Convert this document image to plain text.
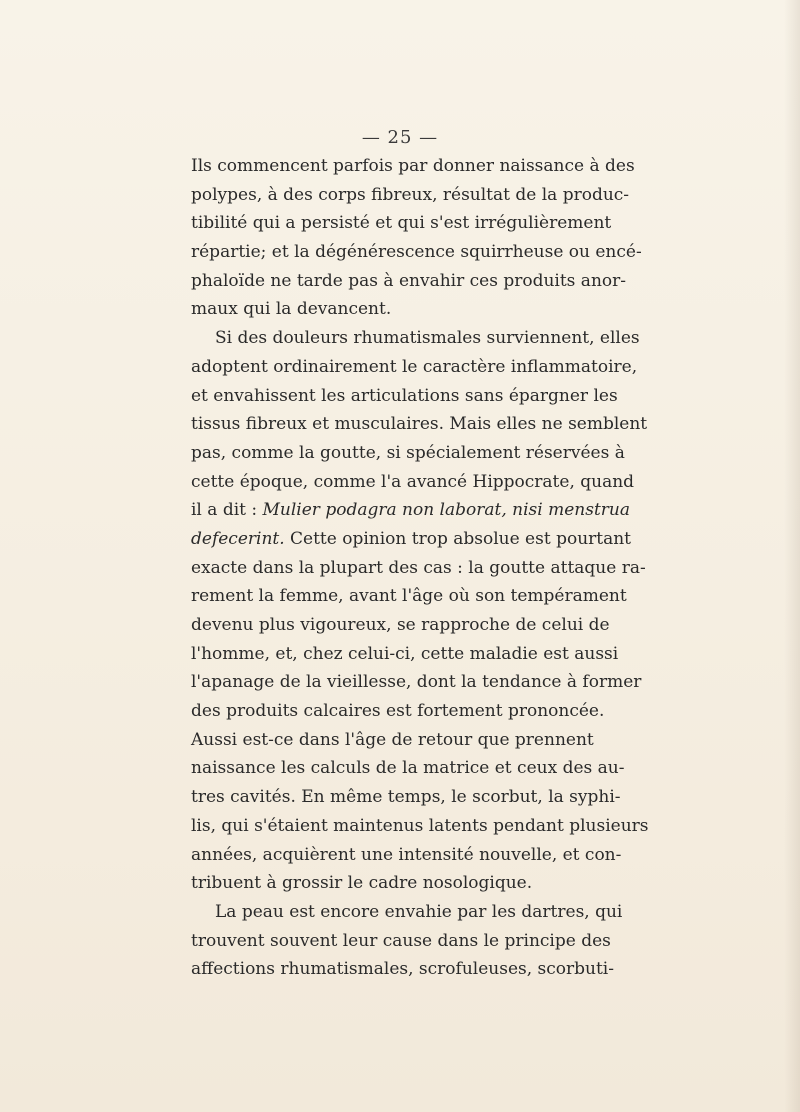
— 25 —
Ils commencent parfois par donner naissance à des
polypes, à des corps fibreux, résultat de la produc-
tibilité qui a persisté et qui s'est irrégulièrement
répartie; et la dégénérescence squirrheuse ou encé-
phaloïde ne tarde pas à envahir ces produits anor-
maux qui la devancent.
Si des douleurs rhumatismales surviennent, elles
adoptent ordinairement le caractère inflammatoire,
et envahissent les articulations sans épargner les
tissus fibreux et musculaires. Mais elles ne semblent
pas, comme la goutte, si spécialement réservées à
cette époque, comme l'a avancé Hippocrate, quand
il a dit : Mulier podagra non laborat, nisi menstrua
defecerint. Cette opinion trop absolue est pourtant
exacte dans la plupart des cas : la goutte attaque ra-
rement la femme, avant l'âge où son tempérament
devenu plus vigoureux, se rapproche de celui de
l'homme, et, chez celui-ci, cette maladie est aussi
l'apanage de la vieillesse, dont la tendance à former
des produits calcaires est fortement prononcée.
Aussi est-ce dans l'âge de retour que prennent
naissance les calculs de la matrice et ceux des au-
tres cavités. En même temps, le scorbut, la syphi-
lis, qui s'étaient maintenus latents pendant plusieurs
années, acquièrent une intensité nouvelle, et con-
tribuent à grossir le cadre nosologique.
La peau est encore envahie par les dartres, qui
trouvent souvent leur cause dans le principe des
affections rhumatismales, scrofuleuses, scorbuti-
